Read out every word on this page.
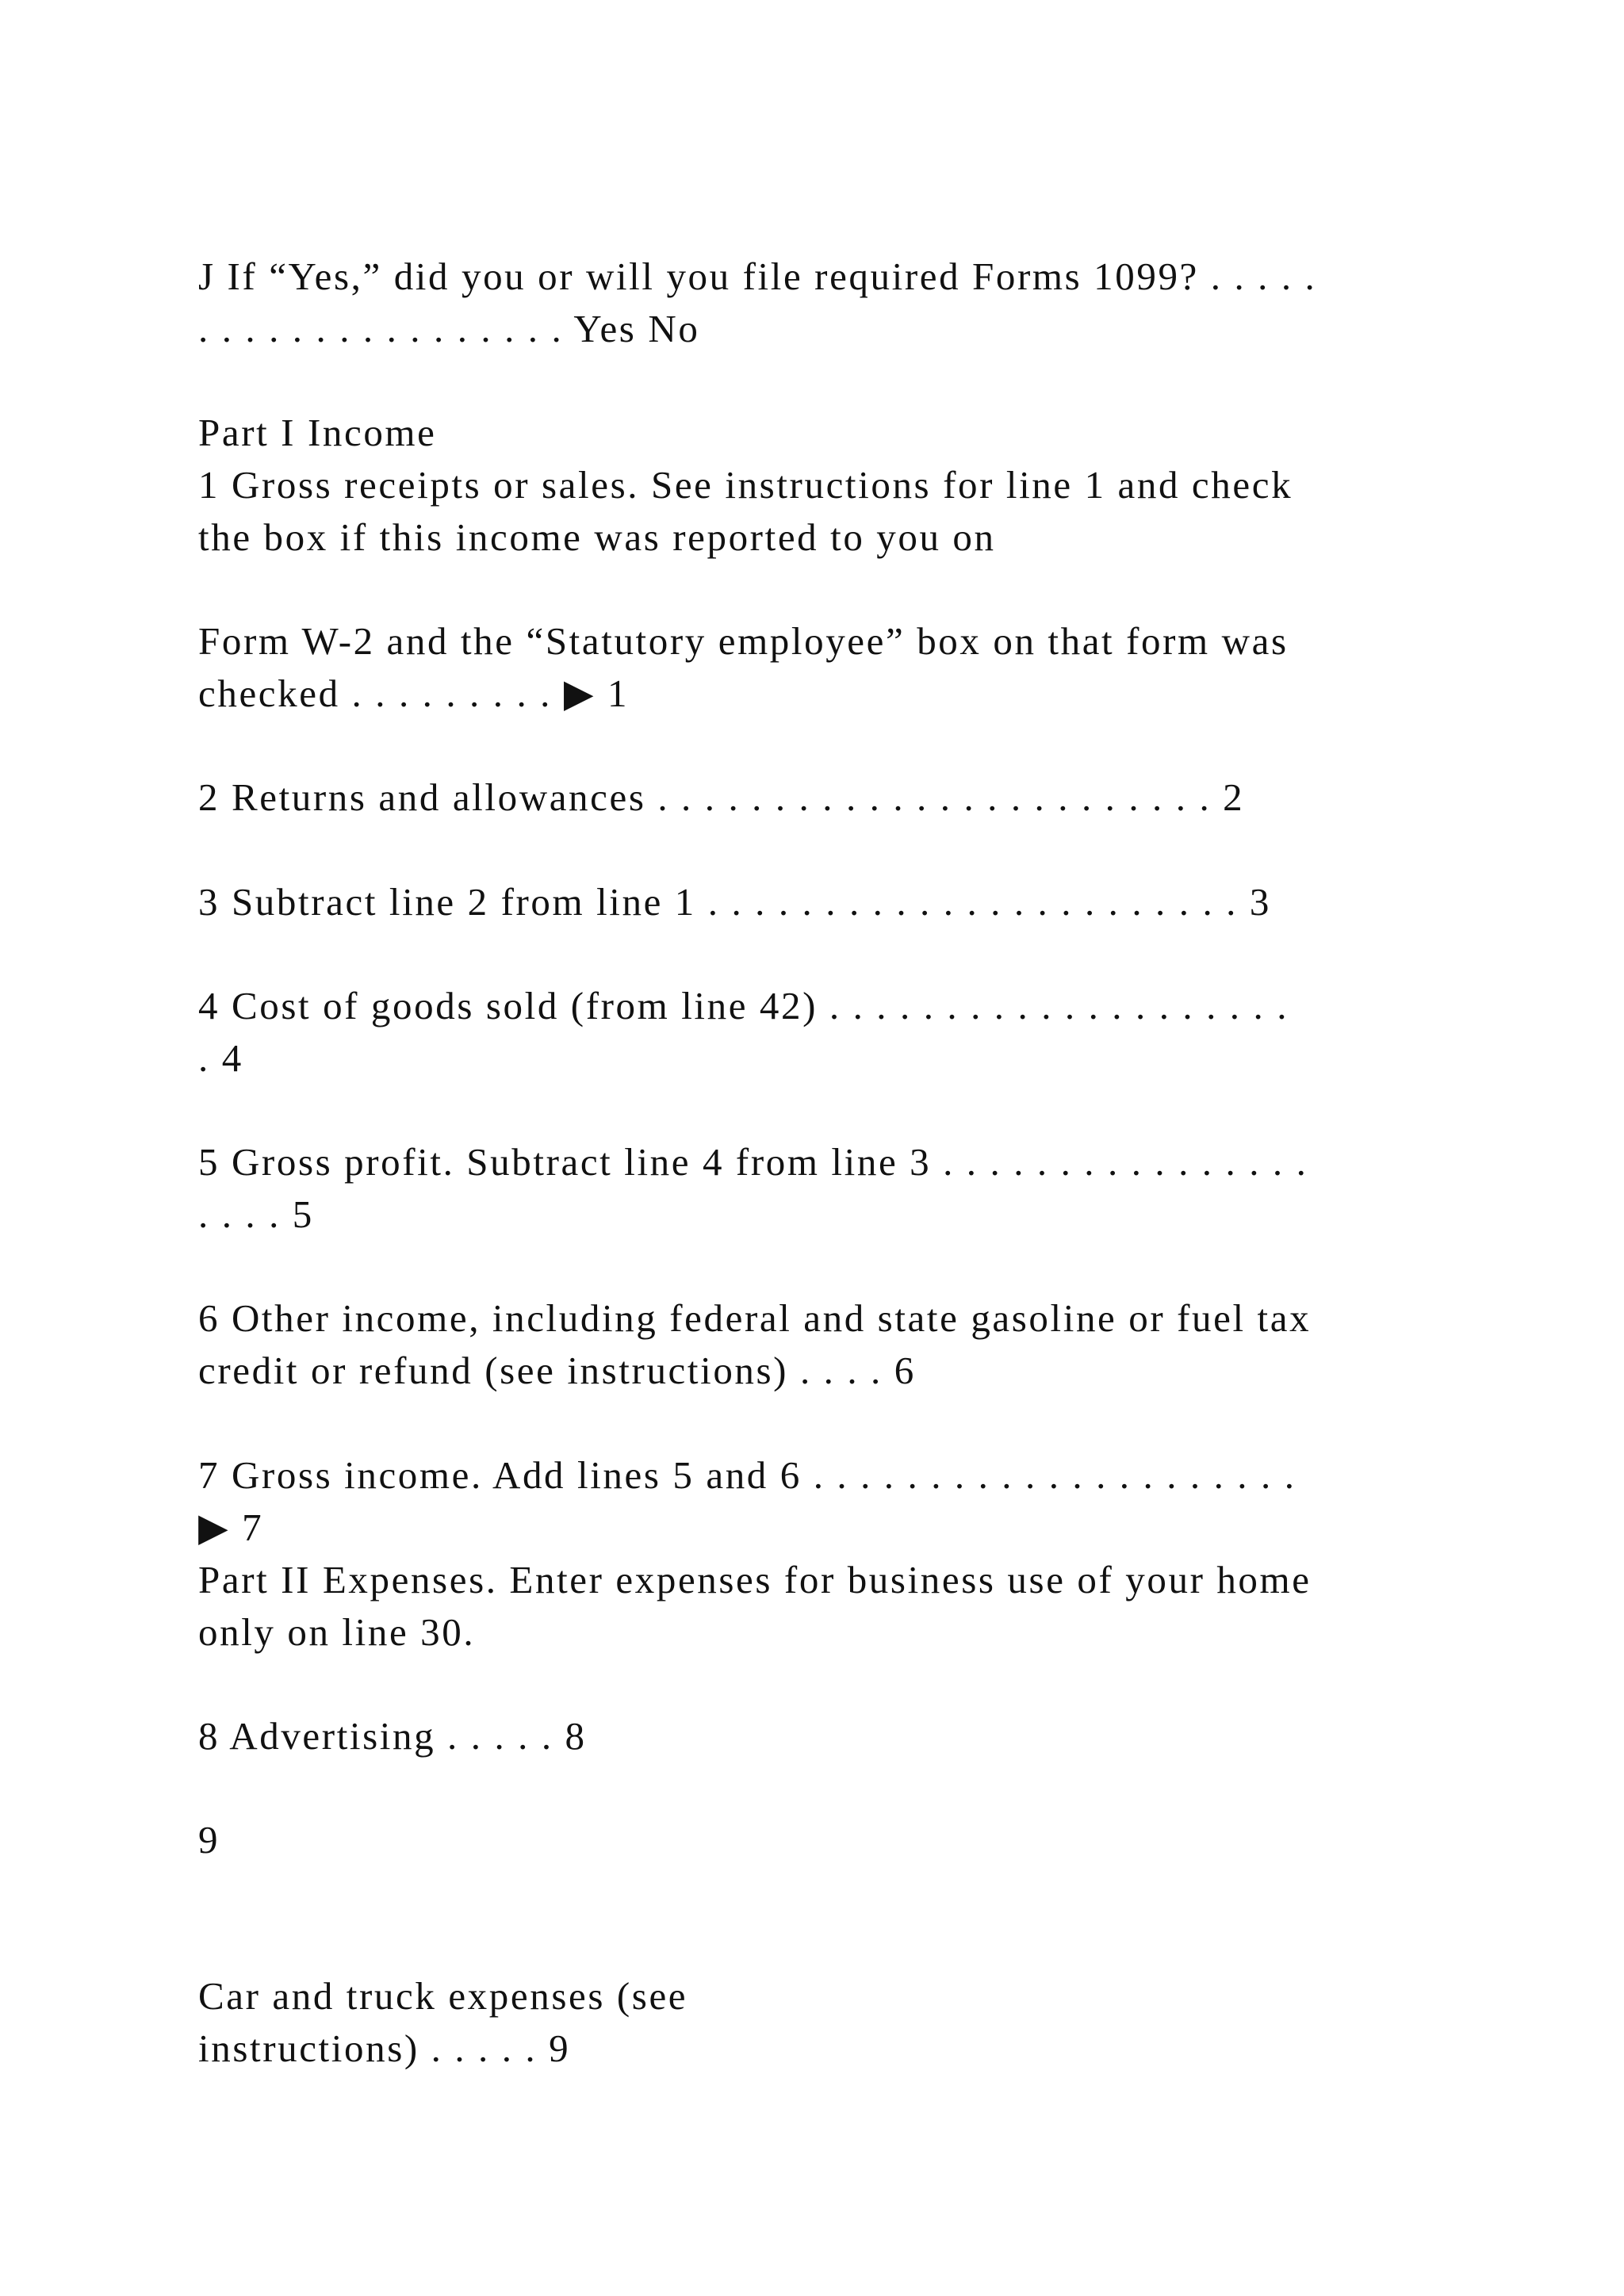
J If “Yes,” did you or will you file required Forms 1099? . . . . .

. . . . . . . . . . . . . . . . Yes No

Part I Income

1 Gross receipts or sales. See instructions for line 1 and check

the box if this income was reported to you on

Form W-2 and the “Statutory employee” box on that form was

checked . . . . . . . . . ▶ 1

2 Returns and allowances . . . . . . . . . . . . . . . . . . . . . . . . 2

3 Subtract line 2 from line 1 . . . . . . . . . . . . . . . . . . . . . . . 3

4 Cost of goods sold (from line 42) . . . . . . . . . . . . . . . . . . . .

. 4

5 Gross profit. Subtract line 4 from line 3 . . . . . . . . . . . . . . . .

. . . . 5

6 Other income, including federal and state gasoline or fuel tax

credit or refund (see instructions) . . . . 6

7 Gross income. Add lines 5 and 6 . . . . . . . . . . . . . . . . . . . . .

▶ 7

Part II Expenses. Enter expenses for business use of your home

only on line 30.

8 Advertising . . . . . 8

9

Car and truck expenses (see

instructions) . . . . . 9
